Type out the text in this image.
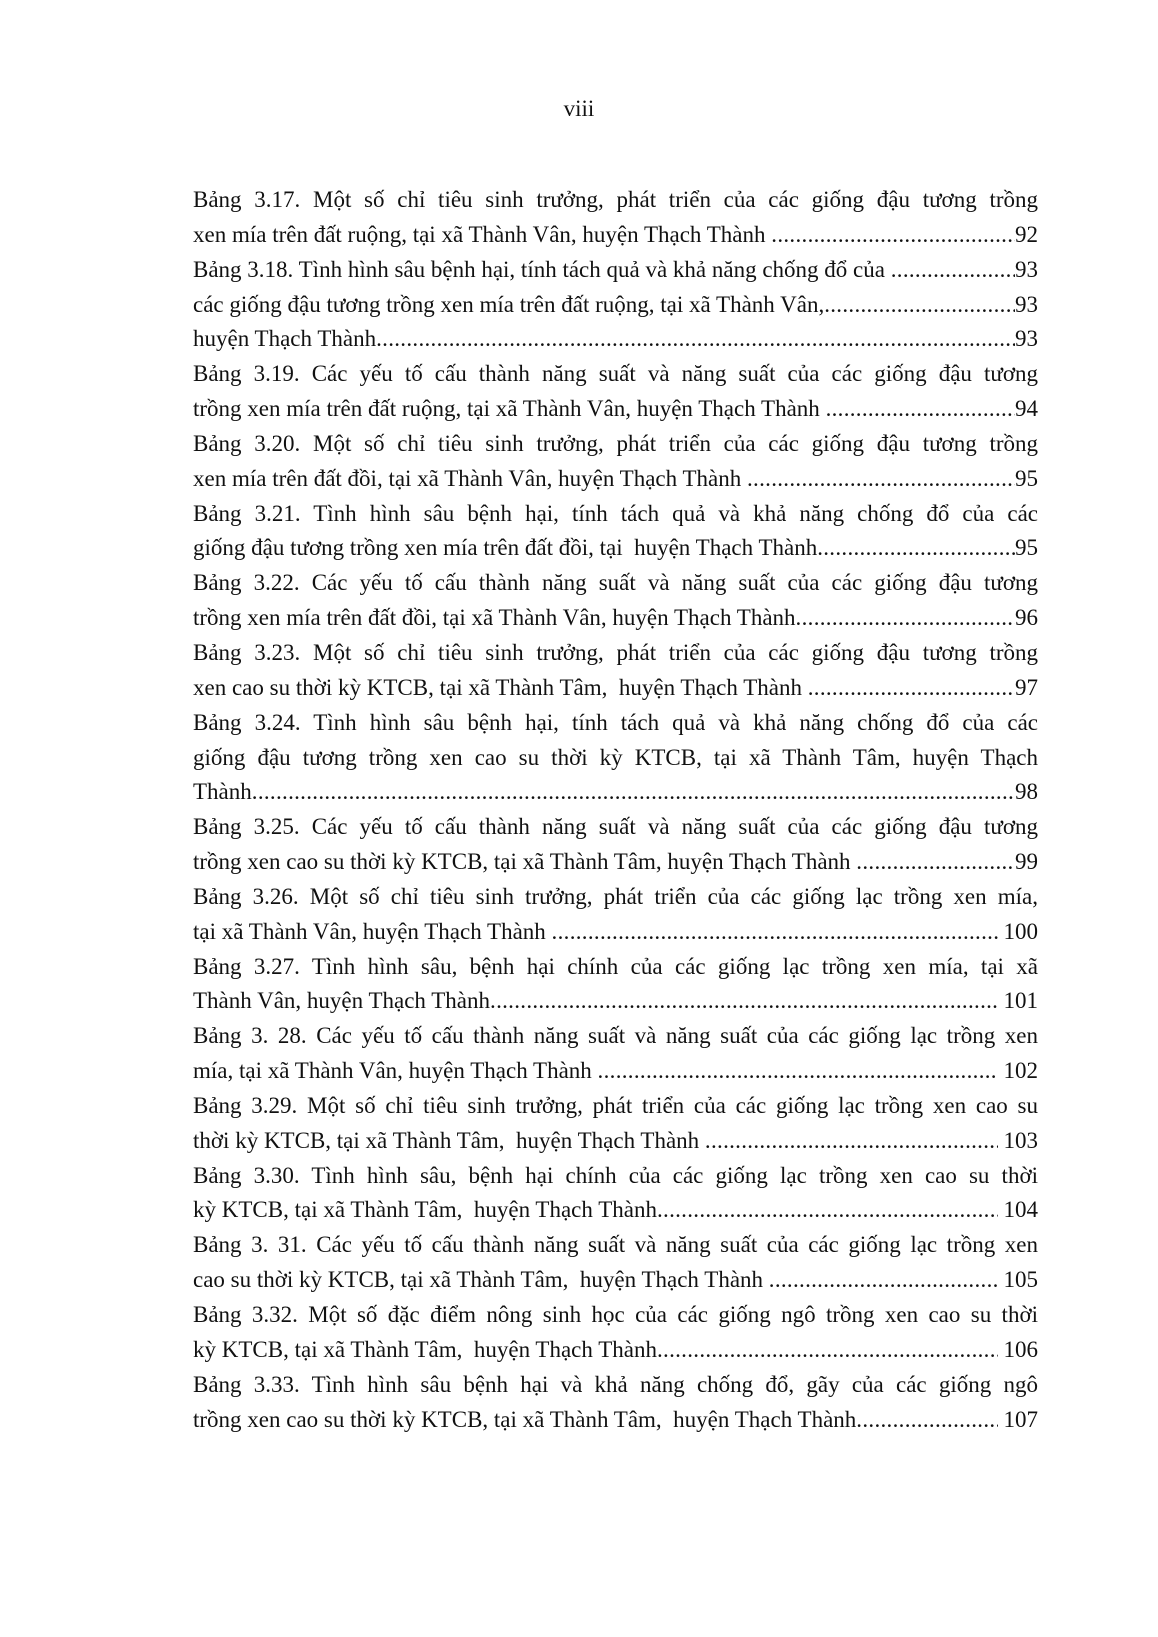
viii
Bảng 3.17. Một số chỉ tiêu sinh trưởng, phát triển của các giống đậu tương trồng
xen mía trên đất ruộng, tại xã Thành Vân, huyện Thạch Thành .....	92
Bảng 3.18. Tình hình sâu bệnh hại, tính tách quả và khả năng chống đổ của .....	93
các giống đậu tương trồng xen mía trên đất ruộng, tại xã Thành Vân, .....	93
huyện Thạch Thành .....	93
Bảng 3.19. Các yếu tố cấu thành năng suất và năng suất của các giống đậu tương
trồng xen mía trên đất ruộng, tại xã Thành Vân, huyện Thạch Thành .....	94
Bảng 3.20. Một số chỉ tiêu sinh trưởng, phát triển của các giống đậu tương trồng
xen mía trên đất đồi, tại xã Thành Vân, huyện Thạch Thành .....	95
Bảng 3.21. Tình hình sâu bệnh hại, tính tách quả và khả năng chống đổ của các
giống đậu tương trồng xen mía trên đất đồi, tại  huyện Thạch Thành .....	95
Bảng 3.22. Các yếu tố cấu thành năng suất và năng suất của các giống đậu tương
trồng xen mía trên đất đồi, tại xã Thành Vân, huyện Thạch Thành .....	96
Bảng 3.23. Một số chỉ tiêu sinh trưởng, phát triển của các giống đậu tương trồng
xen cao su thời kỳ KTCB, tại xã Thành Tâm,  huyện Thạch Thành .....	97
Bảng 3.24. Tình hình sâu bệnh hại, tính tách quả và khả năng chống đổ của các
giống đậu tương trồng xen cao su thời kỳ KTCB, tại xã Thành Tâm, huyện Thạch
Thành .....	98
Bảng 3.25. Các yếu tố cấu thành năng suất và năng suất của các giống đậu tương
trồng xen cao su thời kỳ KTCB, tại xã Thành Tâm, huyện Thạch Thành .....	99
Bảng 3.26. Một số chỉ tiêu sinh trưởng, phát triển của các giống lạc trồng xen mía,
tại xã Thành Vân, huyện Thạch Thành .....	100
Bảng 3.27. Tình hình sâu, bệnh hại chính của các giống lạc trồng xen mía, tại xã
Thành Vân, huyện Thạch Thành .....	101
Bảng 3. 28. Các yếu tố cấu thành năng suất và năng suất của các giống lạc trồng xen
mía, tại xã Thành Vân, huyện Thạch Thành .....	102
Bảng 3.29. Một số chỉ tiêu sinh trưởng, phát triển của các giống lạc trồng xen cao su
thời kỳ KTCB, tại xã Thành Tâm,  huyện Thạch Thành .....	103
Bảng 3.30. Tình hình sâu, bệnh hại chính của các giống lạc trồng xen cao su thời
kỳ KTCB, tại xã Thành Tâm,  huyện Thạch Thành .....	104
Bảng 3. 31. Các yếu tố cấu thành năng suất và năng suất của các giống lạc trồng xen
cao su thời kỳ KTCB, tại xã Thành Tâm,  huyện Thạch Thành .....	105
Bảng 3.32. Một số đặc điểm nông sinh học của các giống ngô trồng xen cao su thời
kỳ KTCB, tại xã Thành Tâm,  huyện Thạch Thành .....	106
Bảng 3.33. Tình hình sâu bệnh hại và khả năng chống đổ, gãy của các giống ngô
trồng xen cao su thời kỳ KTCB, tại xã Thành Tâm,  huyện Thạch Thành .....	107
